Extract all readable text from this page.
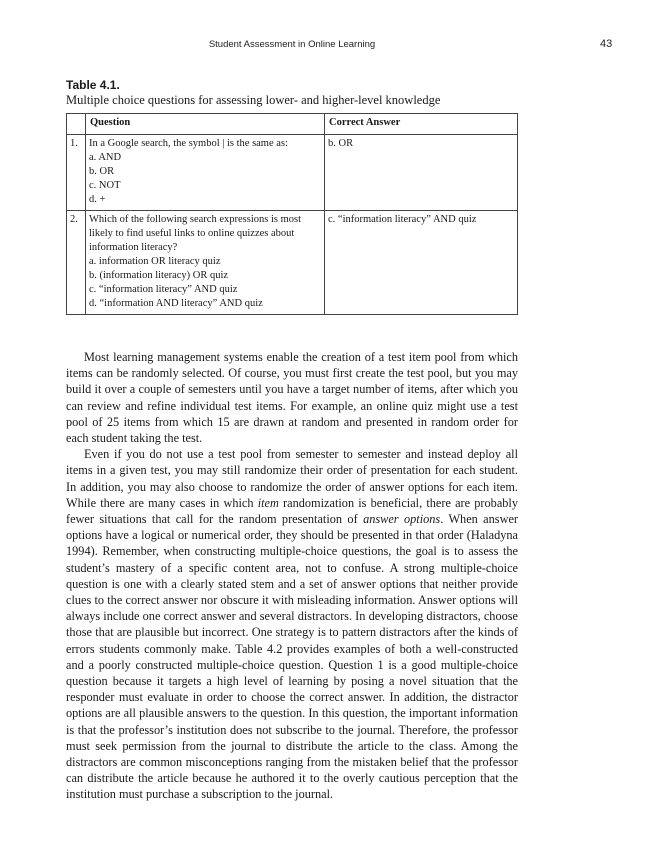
Student Assessment in Online Learning	43
Table 4.1.
Multiple choice questions for assessing lower- and higher-level knowledge
	Question	Correct Answer
1.	In a Google search, the symbol | is the same as:
a. AND
b. OR
c. NOT
d. +	b. OR
2.	Which of the following search expressions is most likely to find useful links to online quizzes about information literacy?
a. information OR literacy quiz
b. (information literacy) OR quiz
c. “information literacy” AND quiz
d. “information AND literacy” AND quiz	c. “information literacy” AND quiz

Most learning management systems enable the creation of a test item pool from which items can be randomly selected. Of course, you must first create the test pool, but you may build it over a couple of semesters until you have a target number of items, after which you can review and refine individual test items. For example, an online quiz might use a test pool of 25 items from which 15 are drawn at random and presented in random order for each student taking the test.

Even if you do not use a test pool from semester to semester and instead deploy all items in a given test, you may still randomize their order of presentation for each student. In addition, you may also choose to randomize the order of answer options for each item. While there are many cases in which item randomization is beneficial, there are probably fewer situations that call for the random presentation of answer options. When answer options have a logical or numerical order, they should be presented in that order (Haladyna 1994). Remember, when constructing multiple-choice questions, the goal is to assess the student’s mastery of a specific content area, not to confuse. A strong multiple-choice question is one with a clearly stated stem and a set of answer options that neither provide clues to the correct answer nor obscure it with misleading information. Answer options will always include one correct answer and several distractors. In developing distractors, choose those that are plausible but incorrect. One strategy is to pattern distractors after the kinds of errors students commonly make. Table 4.2 provides examples of both a well-constructed and a poorly constructed multiple-choice question. Question 1 is a good multiple-choice question because it targets a high level of learning by posing a novel situation that the responder must evaluate in order to choose the correct answer. In addition, the distractor options are all plausible answers to the question. In this question, the important information is that the professor’s institution does not subscribe to the journal. Therefore, the professor must seek permission from the journal to distribute the article to the class. Among the distractors are common misconceptions ranging from the mistaken belief that the professor can distribute the article because he authored it to the overly cautious perception that the institution must purchase a subscription to the journal.
